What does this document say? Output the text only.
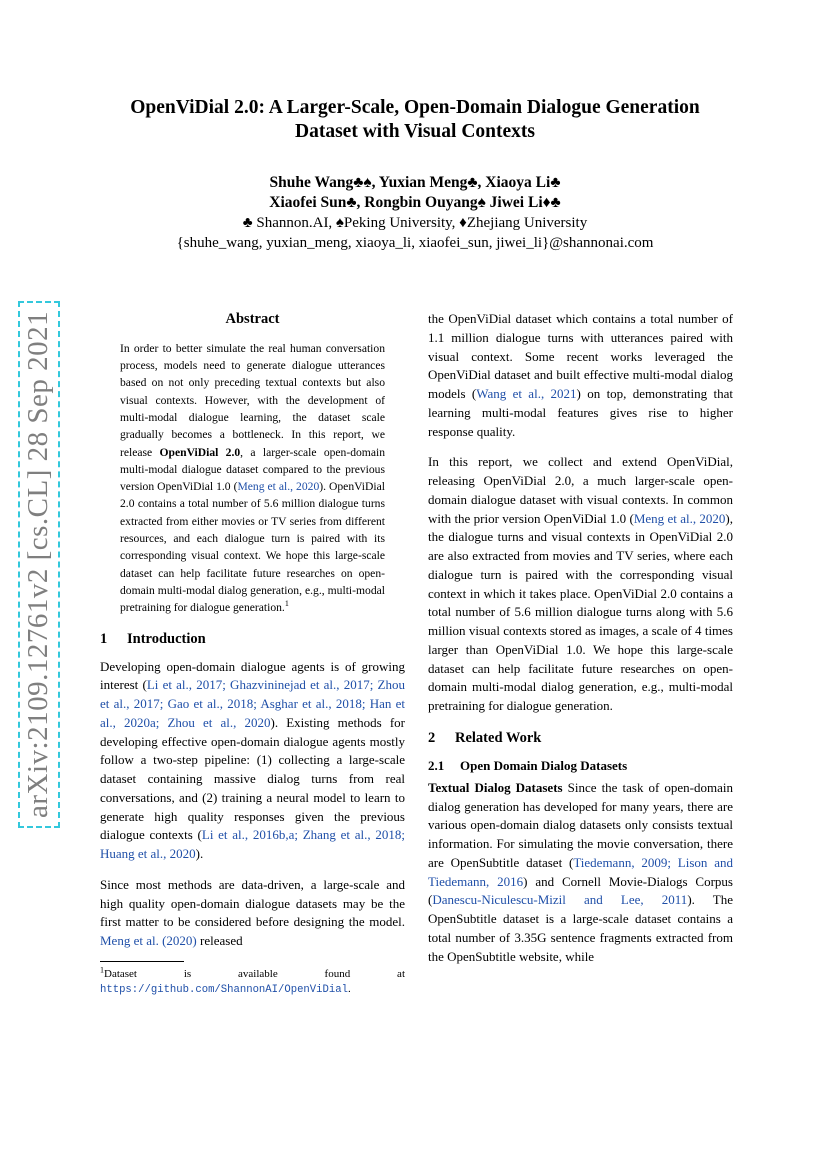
arXiv:2109.12761v2 [cs.CL] 28 Sep 2021
OpenViDial 2.0: A Larger-Scale, Open-Domain Dialogue Generation
Dataset with Visual Contexts
Shuhe Wang♣♠, Yuxian Meng♣, Xiaoya Li♣
Xiaofei Sun♣, Rongbin Ouyang♠ Jiwei Li♦♣
♣ Shannon.AI, ♠Peking University, ♦Zhejiang University
{shuhe_wang, yuxian_meng, xiaoya_li, xiaofei_sun, jiwei_li}@shannonai.com
Abstract
In order to better simulate the real human conversation process, models need to generate dialogue utterances based on not only preceding textual contexts but also visual contexts. However, with the development of multi-modal dialogue learning, the dataset scale gradually becomes a bottleneck. In this report, we release OpenViDial 2.0, a larger-scale open-domain multi-modal dialogue dataset compared to the previous version OpenViDial 1.0 (Meng et al., 2020). OpenViDial 2.0 contains a total number of 5.6 million dialogue turns extracted from either movies or TV series from different resources, and each dialogue turn is paired with its corresponding visual context. We hope this large-scale dataset can help facilitate future researches on open-domain multi-modal dialog generation, e.g., multi-modal pretraining for dialogue generation.$^1$
1 Introduction

Developing open-domain dialogue agents is of growing interest (Li et al., 2017; Ghazvininejad et al., 2017; Zhou et al., 2017; Gao et al., 2018; Asghar et al., 2018; Han et al., 2020a; Zhou et al., 2020). Existing methods for developing effective open-domain dialogue agents mostly follow a two-step pipeline: (1) collecting a large-scale dataset containing massive dialog turns from real conversations, and (2) training a neural model to learn to generate high quality responses given the previous dialogue contexts (Li et al., 2016b,a; Zhang et al., 2018; Huang et al., 2020).

Since most methods are data-driven, a large-scale and high quality open-domain dialogue datasets may be the first matter to be considered before designing the model. Meng et al. (2020) released

$^1$Dataset is available found at https://github.com/ShannonAI/OpenViDial.

the OpenViDial dataset which contains a total number of 1.1 million dialogue turns with utterances paired with visual context. Some recent works leveraged the OpenViDial dataset and built effective multi-modal dialog models (Wang et al., 2021) on top, demonstrating that learning multi-modal features gives rise to higher response quality.

In this report, we collect and extend OpenViDial, releasing OpenViDial 2.0, a much larger-scale open-domain dialogue dataset with visual contexts. In common with the prior version OpenViDial 1.0 (Meng et al., 2020), the dialogue turns and visual contexts in OpenViDial 2.0 are also extracted from movies and TV series, where each dialogue turn is paired with the corresponding visual context in which it takes place. OpenViDial 2.0 contains a total number of 5.6 million dialogue turns along with 5.6 million visual contexts stored as images, a scale of 4 times larger than OpenViDial 1.0. We hope this large-scale dataset can help facilitate future researches on open-domain multi-modal dialog generation, e.g., multi-modal pretraining for dialogue generation.

2 Related Work
2.1 Open Domain Dialog Datasets

Textual Dialog Datasets Since the task of open-domain dialog generation has developed for many years, there are various open-domain dialog datasets only consists textual information. For simulating the movie conversation, there are OpenSubtitle dataset (Tiedemann, 2009; Lison and Tiedemann, 2016) and Cornell Movie-Dialogs Corpus (Danescu-Niculescu-Mizil and Lee, 2011). The OpenSubtitle dataset is a large-scale dataset contains a total number of 3.35G sentence fragments extracted from the OpenSubtitle website, while
